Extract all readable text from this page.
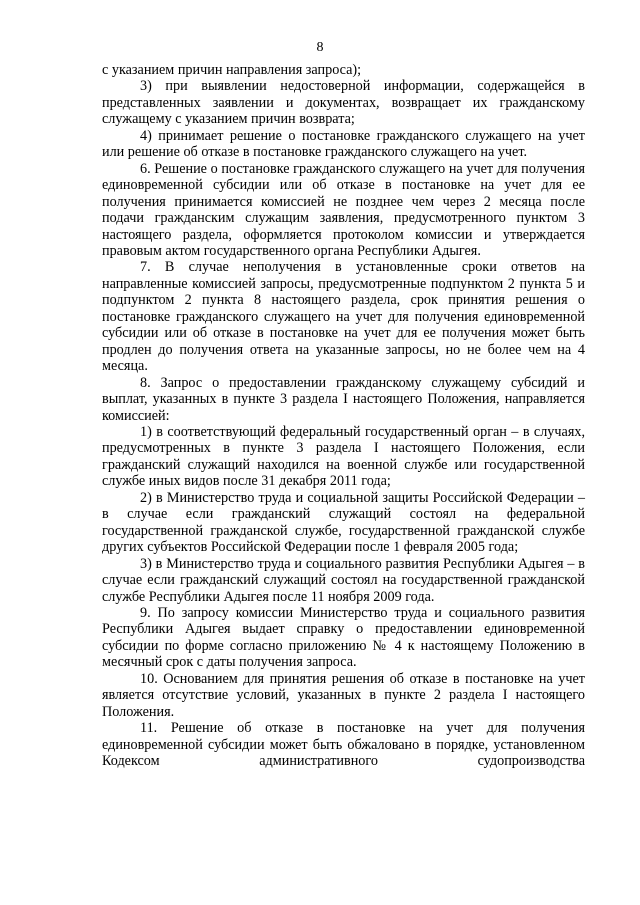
8

с указанием причин направления запроса);

3) при выявлении недостоверной информации, содержащейся в представленных заявлении и документах, возвращает их гражданскому служащему с указанием причин возврата;

4) принимает решение о постановке гражданского служащего на учет или решение об отказе в постановке гражданского служащего на учет.

6. Решение о постановке гражданского служащего на учет для получения единовременной субсидии или об отказе в постановке на учет для ее получения принимается комиссией не позднее чем через 2 месяца после подачи гражданским служащим заявления, предусмотренного пунктом 3 настоящего раздела, оформляется протоколом комиссии и утверждается правовым актом государственного органа Республики Адыгея.

7. В случае неполучения в установленные сроки ответов на направленные комиссией запросы, предусмотренные подпунктом 2 пункта 5 и подпунктом 2 пункта 8 настоящего раздела, срок принятия решения о постановке гражданского служащего на учет для получения единовременной субсидии или об отказе в постановке на учет для ее получения может быть продлен до получения ответа на указанные запросы, но не более чем на 4 месяца.

8. Запрос о предоставлении гражданскому служащему субсидий и выплат, указанных в пункте 3 раздела I настоящего Положения, направляется комиссией:

1) в соответствующий федеральный государственный орган – в случаях, предусмотренных в пункте 3 раздела I настоящего Положения, если гражданский служащий находился на военной службе или государственной службе иных видов после 31 декабря 2011 года;

2) в Министерство труда и социальной защиты Российской Федерации – в случае если гражданский служащий состоял на федеральной государственной гражданской службе, государственной гражданской службе других субъектов Российской Федерации после 1 февраля 2005 года;

3) в Министерство труда и социального развития Республики Адыгея – в случае если гражданский служащий состоял на государственной гражданской службе Республики Адыгея после 11 ноября 2009 года.

9. По запросу комиссии Министерство труда и социального развития Республики Адыгея выдает справку о предоставлении единовременной субсидии по форме согласно приложению № 4 к настоящему Положению в месячный срок с даты получения запроса.

10. Основанием для принятия решения об отказе в постановке на учет является отсутствие условий, указанных в пункте 2 раздела I настоящего Положения.

11. Решение об отказе в постановке на учет для получения единовременной субсидии может быть обжаловано в порядке, установленном Кодексом административного судопроизводства
